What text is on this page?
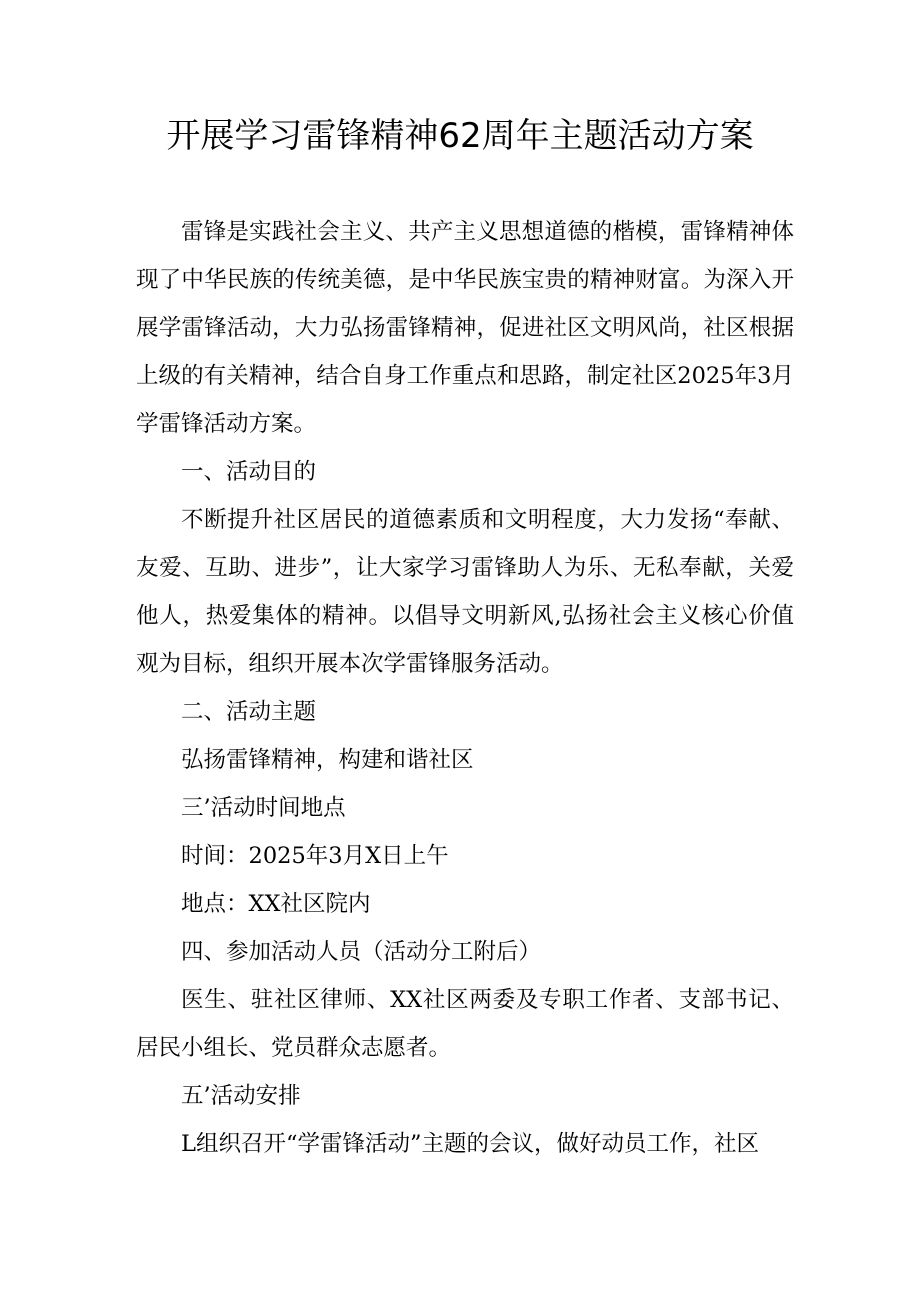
开展学习雷锋精神62周年主题活动方案

雷锋是实践社会主义、共产主义思想道德的楷模，雷锋精神体现了中华民族的传统美德，是中华民族宝贵的精神财富。为深入开展学雷锋活动，大力弘扬雷锋精神，促进社区文明风尚，社区根据上级的有关精神，结合自身工作重点和思路，制定社区2025年3月学雷锋活动方案。

一、活动目的

不断提升社区居民的道德素质和文明程度，大力发扬“奉献、友爱、互助、进步”，让大家学习雷锋助人为乐、无私奉献，关爱他人，热爱集体的精神。以倡导文明新风,弘扬社会主义核心价值观为目标，组织开展本次学雷锋服务活动。

二、活动主题

弘扬雷锋精神，构建和谐社区

三’活动时间地点

时间：2025年3月X日上午

地点：XX社区院内

四、参加活动人员（活动分工附后）

医生、驻社区律师、XX社区两委及专职工作者、支部书记、居民小组长、党员群众志愿者。

五’活动安排

L组织召开“学雷锋活动”主题的会议，做好动员工作，社区
